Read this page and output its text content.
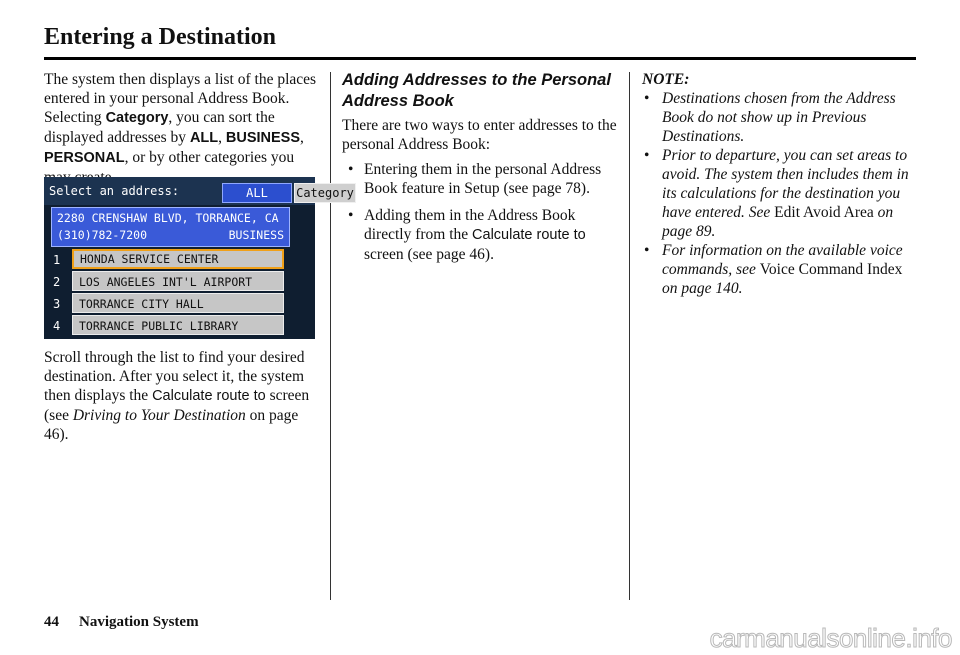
Entering a Destination

The system then displays a list of the places entered in your personal Address Book. Selecting Category, you can sort the displayed addresses by ALL, BUSINESS, PERSONAL, or by other categories you

Select an address:	ALL	Category
2280 CRENSHAW BLVD, TORRANCE, CA
(310)782-7200	BUSINESS
1	HONDA SERVICE CENTER
2	LOS ANGELES INT'L AIRPORT
3	TORRANCE CITY HALL
4	TORRANCE PUBLIC LIBRARY

Scroll through the list to find your desired destination. After you select it, the system then displays the Calculate route to screen (see Driving to Your Destination on page 46).

Adding Addresses to the Personal Address Book

There are two ways to enter addresses to the personal Address Book:

• Entering them in the personal Address Book feature in Setup (see page 78).
• Adding them in the Address Book directly from the Calculate route to screen (see page 46).
NOTE:
• Destinations chosen from the Address Book do not show up in Previous Destinations.
• Prior to departure, you can set areas to avoid. The system then includes them in its calculations for the destination you have entered. See Edit Avoid Area on page 89.
• For information on the available voice commands, see Voice Command Index on page 140.
44 Navigation System
carmanualsonline.info
